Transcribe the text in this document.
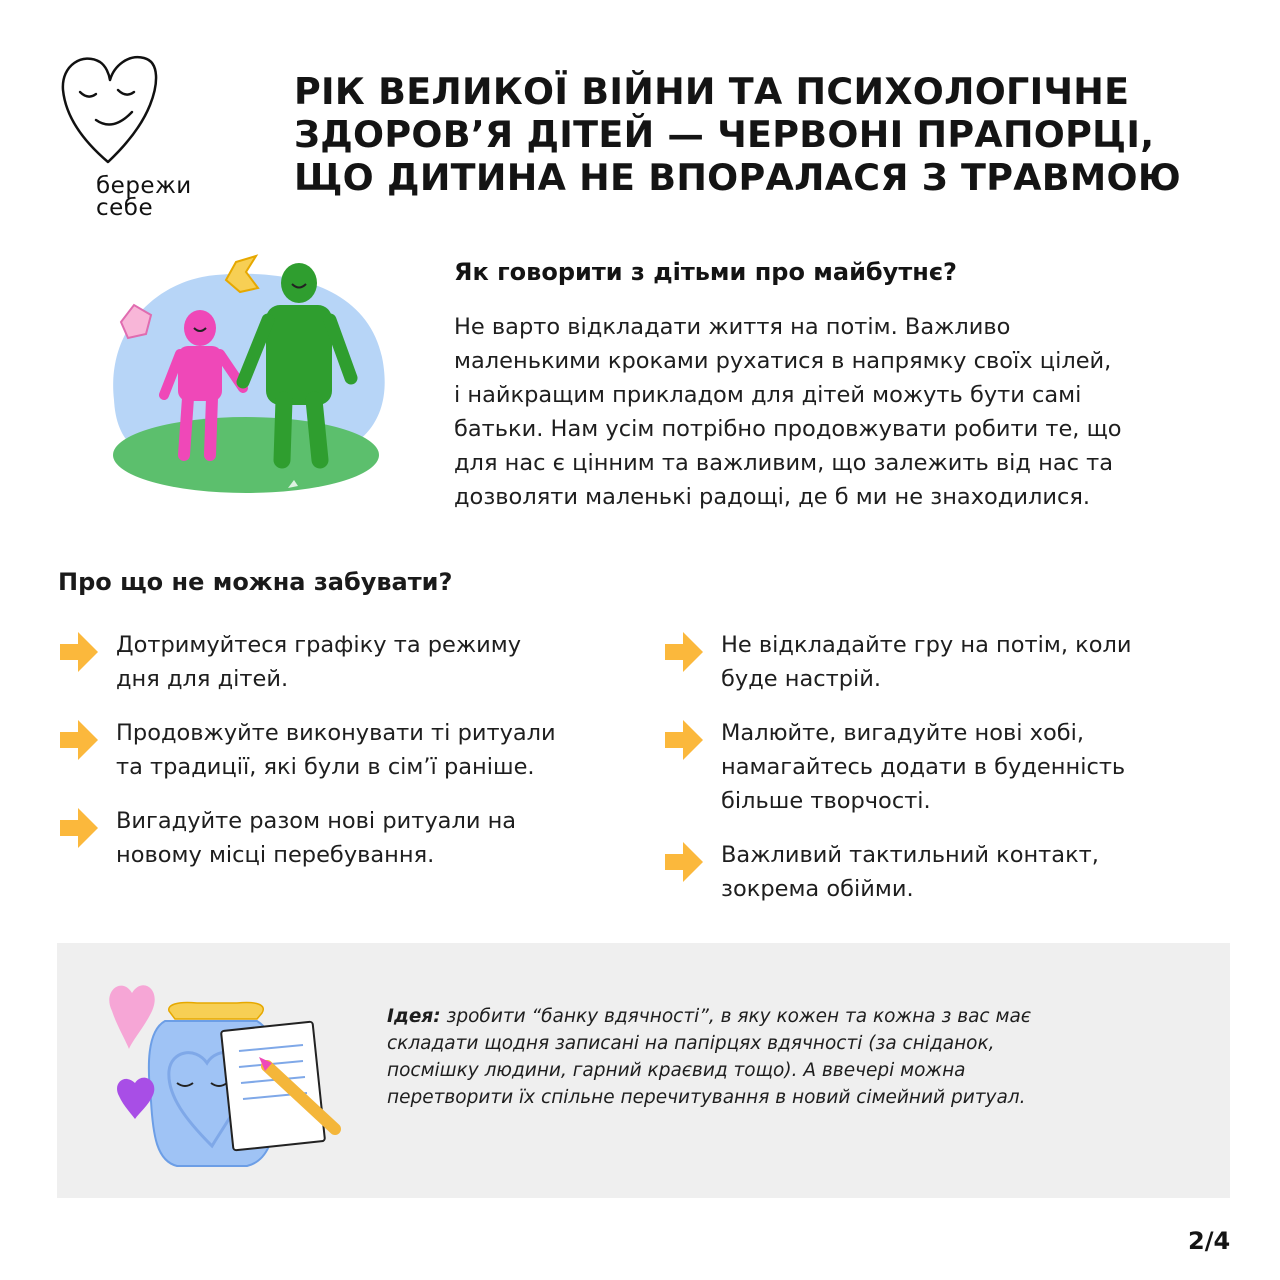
бережи
себе
РІК ВЕЛИКОЇ ВІЙНИ ТА ПСИХОЛОГІЧНЕ
ЗДОРОВ’Я ДІТЕЙ — ЧЕРВОНІ ПРАПОРЦІ,
ЩО ДИТИНА НЕ ВПОРАЛАСЯ З ТРАВМОЮ
Як говорити з дітьми про майбутнє?

Не варто відкладати життя на потім. Важливо
маленькими кроками рухатися в напрямку своїх цілей,
і найкращим прикладом для дітей можуть бути самі
батьки. Нам усім потрібно продовжувати робити те, що
для нас є цінним та важливим, що залежить від нас та
дозволяти маленькі радощі, де б ми не знаходилися.

Про що не можна забувати?
Дотримуйтеся графіку та режиму
дня для дітей.
Продовжуйте виконувати ті ритуали
та традиції, які були в сім’ї раніше.
Вигадуйте разом нові ритуали на
новому місці перебування.
Не відкладайте гру на потім, коли
буде настрій.
Малюйте, вигадуйте нові хобі,
намагайтесь додати в буденність
більше творчості.
Важливий тактильний контакт,
зокрема обійми.
Ідея: зробити “банку вдячності”, в яку кожен та кожна з вас має
складати щодня записані на папірцях вдячності (за сніданок,
посмішку людини, гарний краєвид тощо). А ввечері можна
перетворити їх спільне перечитування в новий сімейний ритуал.
2/4
